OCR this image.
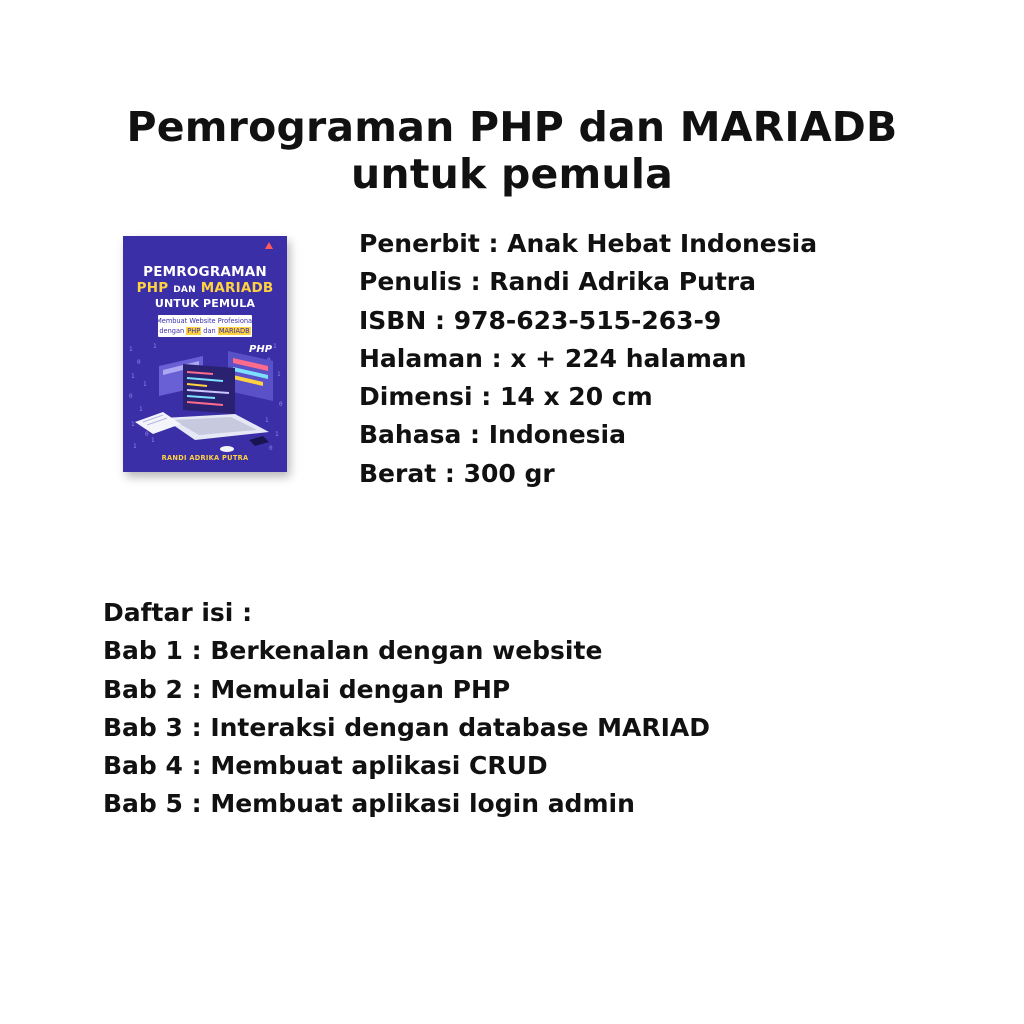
Pemrograman PHP dan MARIADB
untuk pemula
1
0
1
1
0
1
1
0
1
1
1
0
1
1
0
1
1
PEMROGRAMAN
PHP DAN MARIADB
UNTUK PEMULA
Membuat Website Profesional
dengan PHP dan MARIADB
PHP
RANDI ADRIKA PUTRA
Penerbit : Anak Hebat Indonesia
Penulis : Randi Adrika Putra
ISBN : 978-623-515-263-9
Halaman : x + 224 halaman
Dimensi : 14 x 20 cm
Bahasa : Indonesia
Berat : 300 gr
Daftar isi :
Bab 1 : Berkenalan dengan website
Bab 2 : Memulai dengan PHP
Bab 3 : Interaksi dengan database MARIAD
Bab 4 : Membuat aplikasi CRUD
Bab 5 : Membuat aplikasi login admin
